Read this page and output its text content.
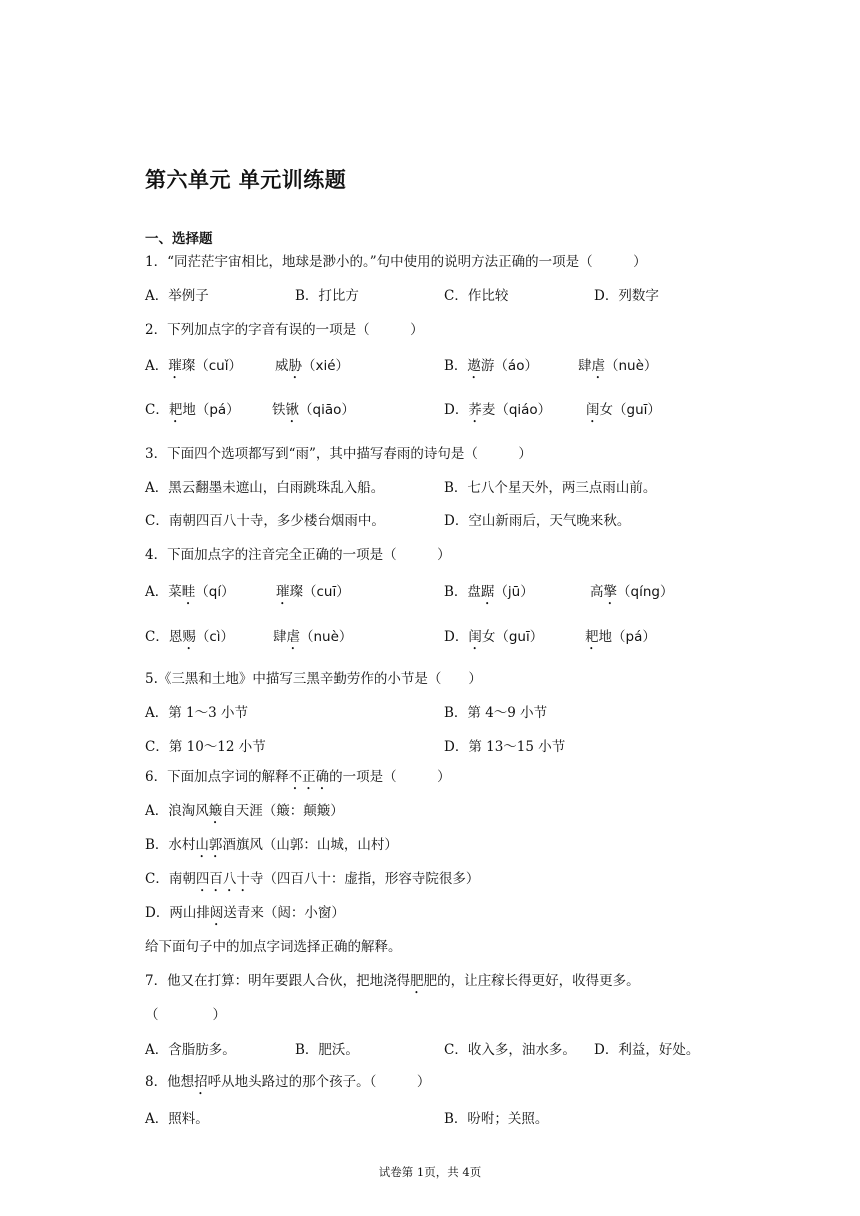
第六单元 单元训练题
一、选择题
1．“同茫茫宇宙相比，地球是渺小的。”句中使用的说明方法正确的一项是（　　　）
A．举例子	B．打比方	C．作比较	D．列数字
2．下列加点字的字音有误的一项是（　　　）
A．璀璨（cuǐ） 威胁（xié）	B．遨游（áo）	肆虐（nuè）
C．耙地（pá） 铁锹（qiāo）	D．荞麦（qiáo）	闺女（guī）
3．下面四个选项都写到“雨”，其中描写春雨的诗句是（　　　）
A．黑云翻墨未遮山，白雨跳珠乱入船。	B．七八个星天外，两三点雨山前。
C．南朝四百八十寺，多少楼台烟雨中。	D．空山新雨后，天气晚来秋。
4．下面加点字的注音完全正确的一项是（　　　）
A．菜畦（qí）	璀璨（cuī）	B．盘踞（jū）	高擎（qíng）
C．恩赐（cì）	肆虐（nuè）	D．闺女（guī）	耙地（pá）
5.《三黑和土地》中描写三黑辛勤劳作的小节是（　　）
A．第 1～3 小节	B．第 4～9 小节
C．第 10～12 小节	D．第 13～15 小节
6．下面加点字词的解释不正确的一项是（　　　）
A．浪淘风簸自天涯（簸：颠簸）
B．水村山郭酒旗风（山郭：山城，山村）
C．南朝四百八十寺（四百八十：虚指，形容寺院很多）
D．两山排闼送青来（闼：小窗）
给下面句子中的加点字词选择正确的解释。
7．他又在打算：明年要跟人合伙，把地浇得肥肥的，让庄稼长得更好，收得更多。
（　　　　）
A．含脂肪多。	B．肥沃。	C．收入多，油水多。 D．利益，好处。
8．他想招呼从地头路过的那个孩子。（　　　）
A．照料。	B．吩咐；关照。
试卷第 1页，共 4页
